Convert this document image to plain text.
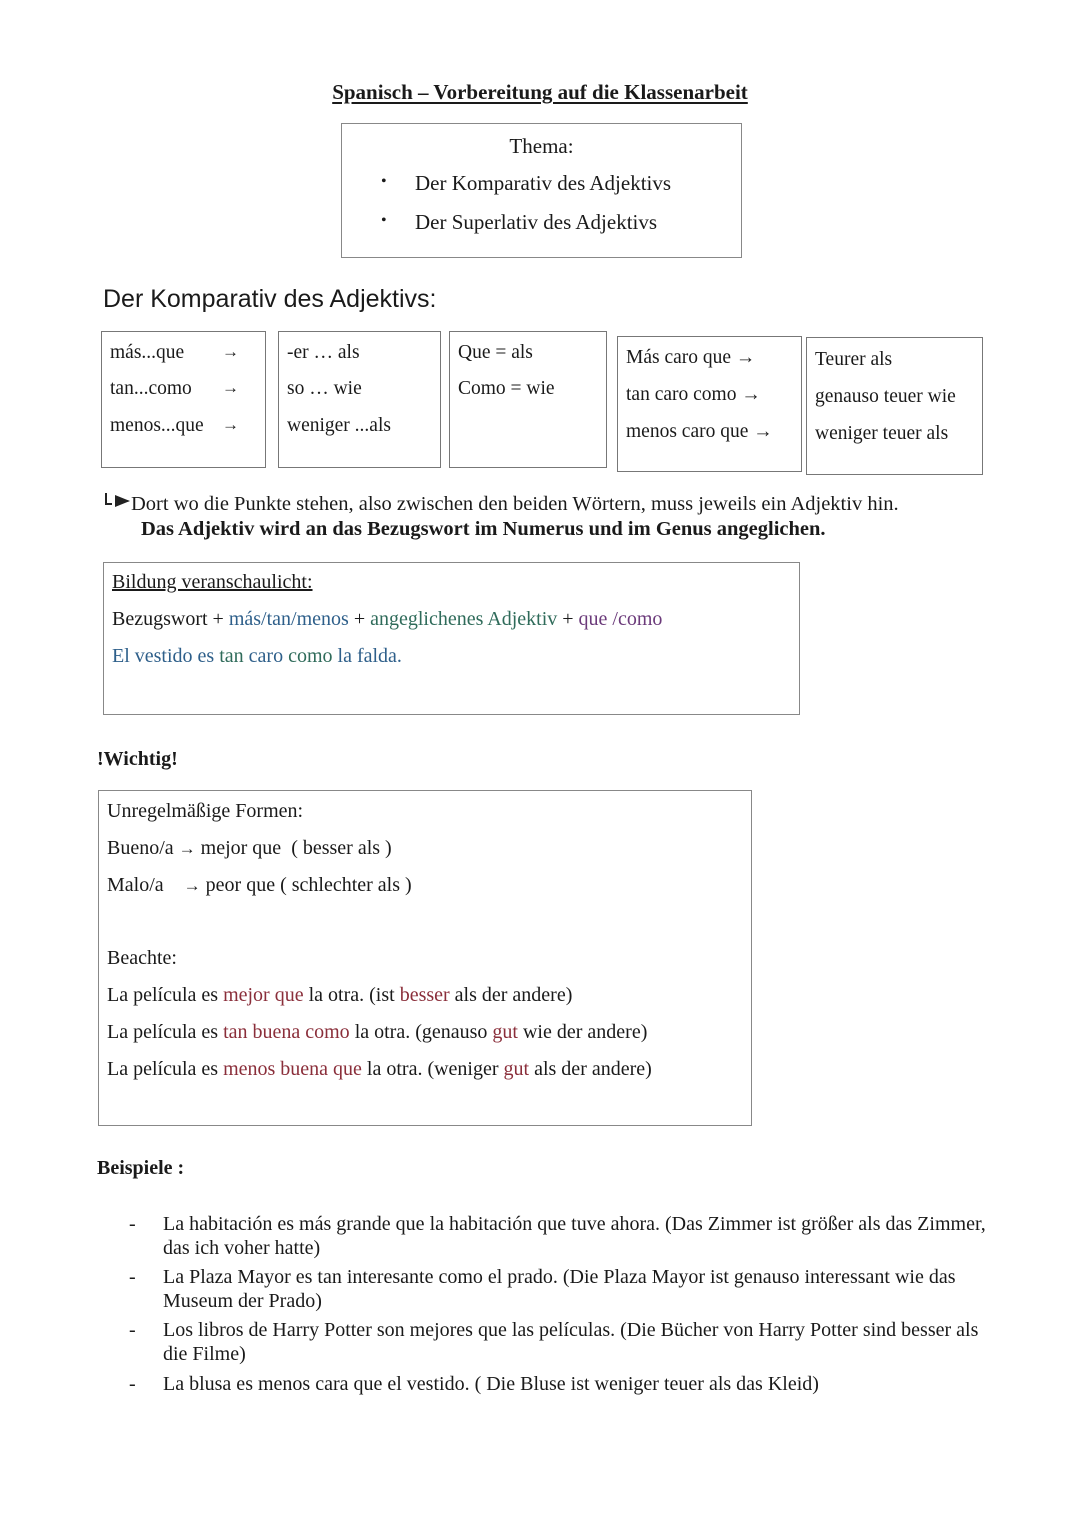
Spanisch – Vorbereitung auf die Klassenarbeit
Thema:
• Der Komparativ des Adjektivs
• Der Superlativ des Adjektivs
Der Komparativ des Adjektivs:
más...que
tan...como
menos...que
→
→
→
-er … als
so … wie
weniger ...als
Que = als
Como = wie
Más caro que →
tan caro como →
menos caro que →
Teurer als
genauso teuer wie
weniger teuer als
Dort wo die Punkte stehen, also zwischen den beiden Wörtern, muss jeweils ein Adjektiv hin.
Das Adjektiv wird an das Bezugswort im Numerus und im Genus angeglichen.
Bildung veranschaulicht:
Bezugswort + más/tan/menos + angeglichenes Adjektiv + que /como
El vestido es tan caro como la falda.
!Wichtig!
Unregelmäßige Formen:
Bueno/a → mejor que ( besser als )
Malo/a → peor que ( schlechter als )
Beachte:
La película es mejor que la otra. (ist besser als der andere)
La película es tan buena como la otra. (genauso gut wie der andere)
La película es menos buena que la otra. (weniger gut als der andere)
Beispiele :
- La habitación es más grande que la habitación que tuve ahora. (Das Zimmer ist größer als das Zimmer, das ich voher hatte)
- La Plaza Mayor es tan interesante como el prado. (Die Plaza Mayor ist genauso interessant wie das Museum der Prado)
- Los libros de Harry Potter son mejores que las películas. (Die Bücher von Harry Potter sind besser als die Filme)
- La blusa es menos cara que el vestido. ( Die Bluse ist weniger teuer als das Kleid)
